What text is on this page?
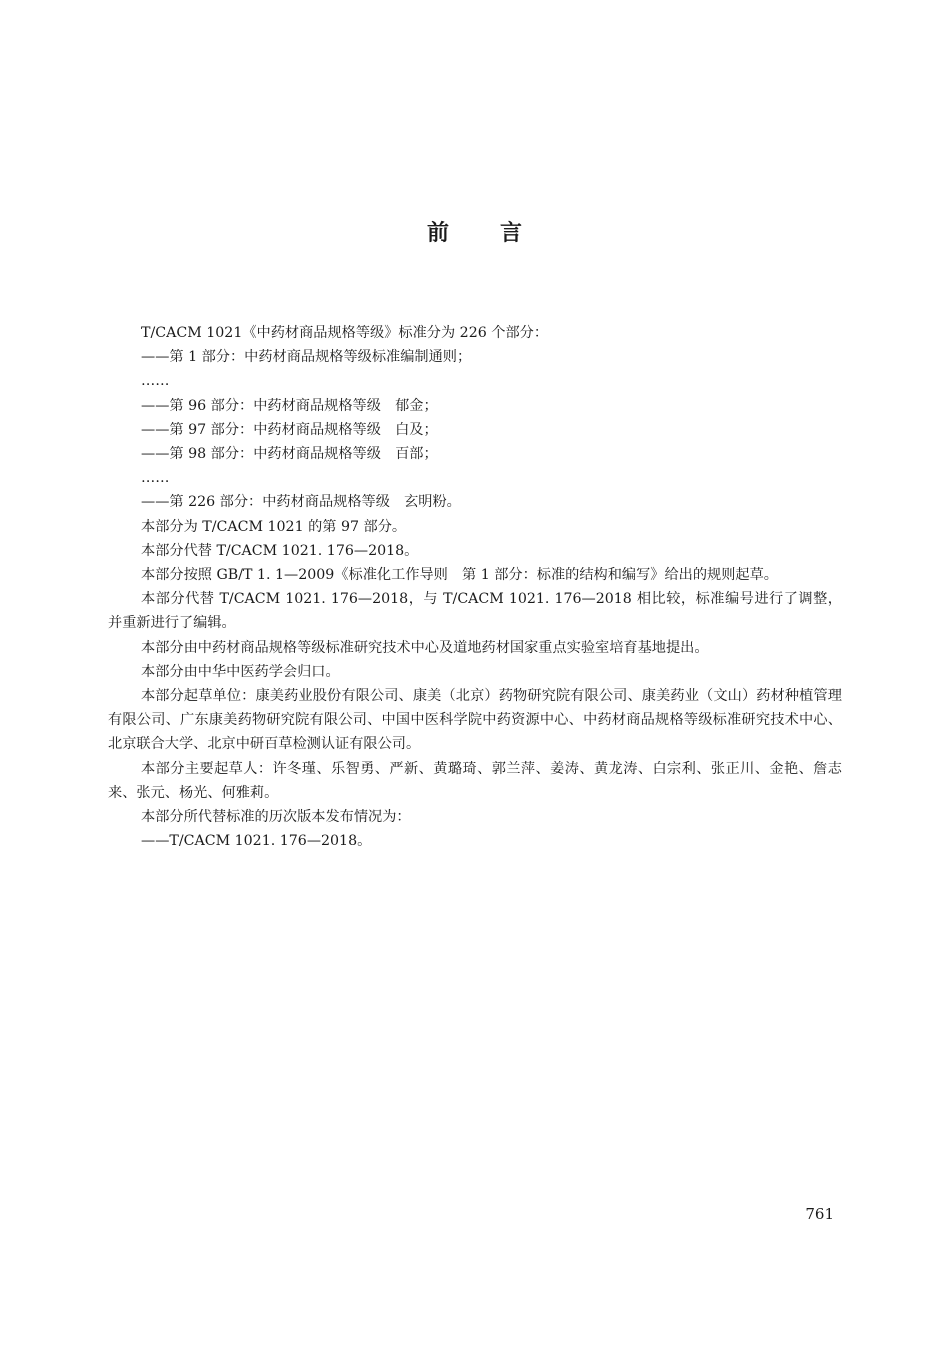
前 言

T/CACM 1021《中药材商品规格等级》标准分为 226 个部分：

——第 1 部分：中药材商品规格等级标准编制通则；

……

——第 96 部分：中药材商品规格等级　郁金；

——第 97 部分：中药材商品规格等级　白及；

——第 98 部分：中药材商品规格等级　百部；

……

——第 226 部分：中药材商品规格等级　玄明粉。

本部分为 T/CACM 1021 的第 97 部分。

本部分代替 T/CACM 1021. 176—2018。

本部分按照 GB/T 1. 1—2009《标准化工作导则　第 1 部分：标准的结构和编写》给出的规则起草。

本部分代替 T/CACM 1021. 176—2018，与 T/CACM 1021. 176—2018 相比较，标准编号进行了调整，并重新进行了编辑。

本部分由中药材商品规格等级标准研究技术中心及道地药材国家重点实验室培育基地提出。

本部分由中华中医药学会归口。

本部分起草单位：康美药业股份有限公司、康美（北京）药物研究院有限公司、康美药业（文山）药材种植管理有限公司、广东康美药物研究院有限公司、中国中医科学院中药资源中心、中药材商品规格等级标准研究技术中心、北京联合大学、北京中研百草检测认证有限公司。

本部分主要起草人：许冬瑾、乐智勇、严新、黄璐琦、郭兰萍、姜涛、黄龙涛、白宗利、张正川、金艳、詹志来、张元、杨光、何雅莉。

本部分所代替标准的历次版本发布情况为：

——T/CACM 1021. 176—2018。

761
